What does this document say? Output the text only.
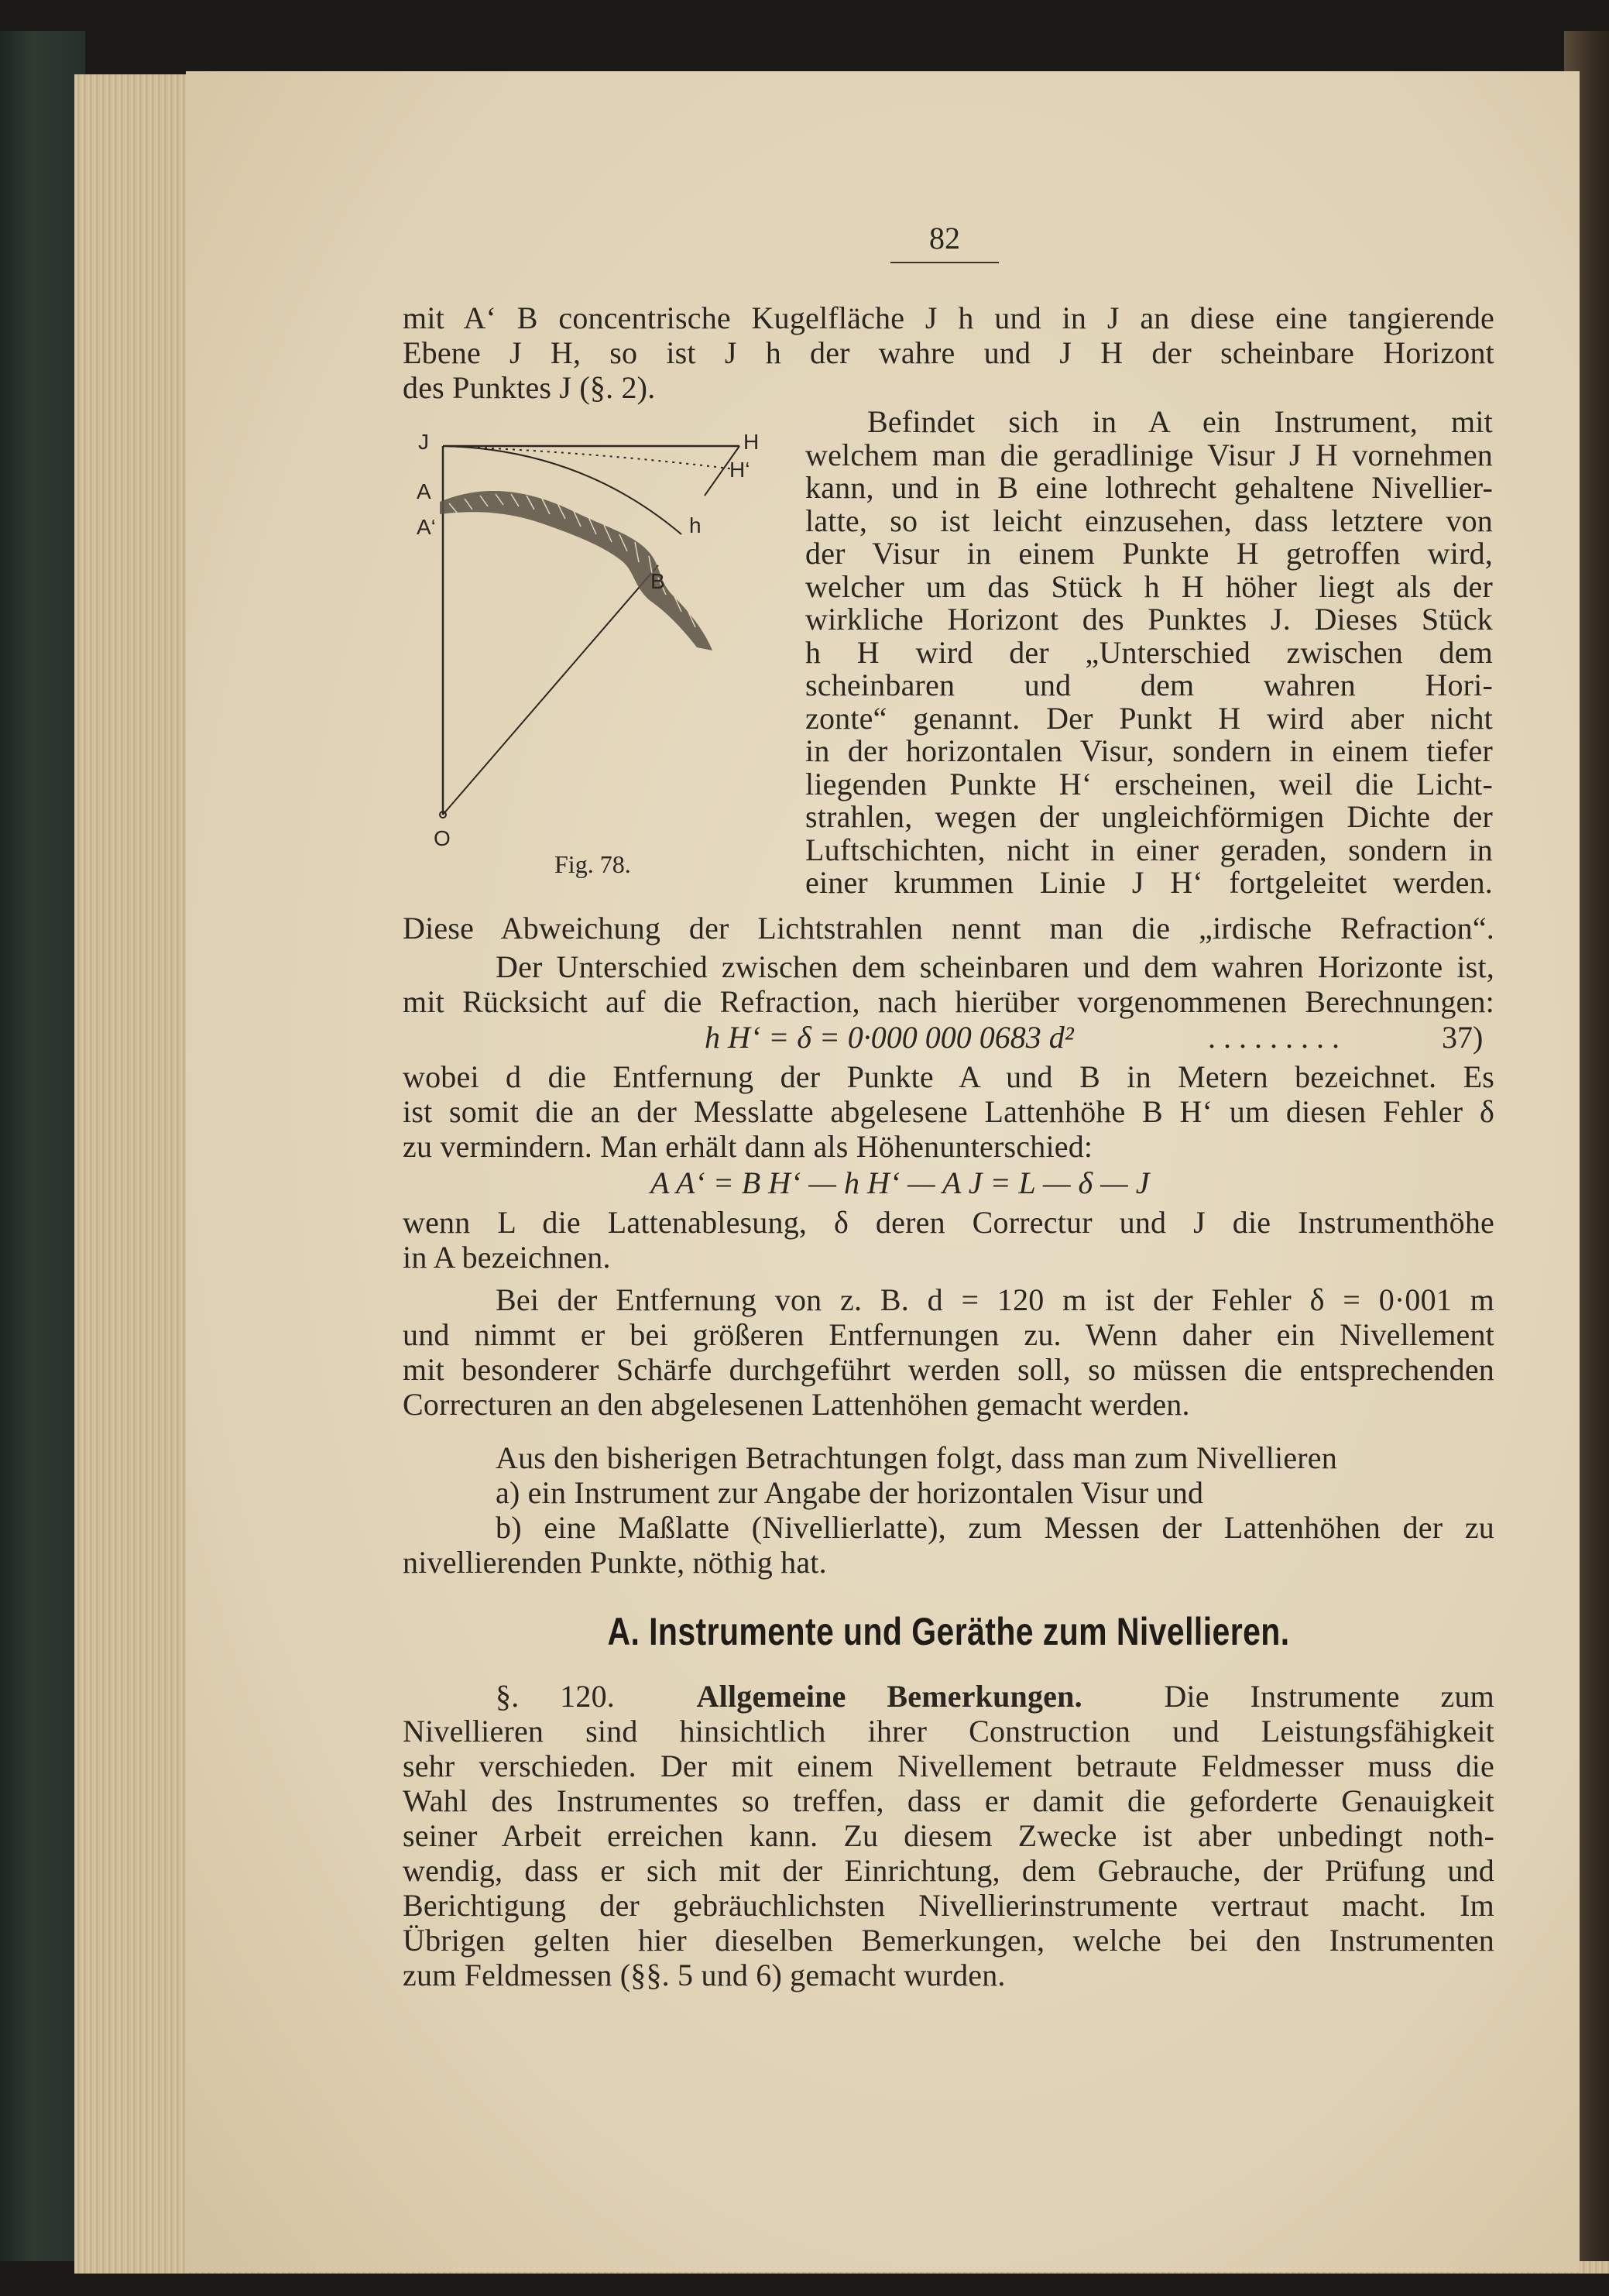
82
mit A‘ B concentrische Kugelfläche J h und in J an diese eine tangierende
Ebene J H, so ist J h der wahre und J H der scheinbare Horizont
des Punktes J (§. 2).
J
A
A‘
H
H‘
h
B
O
Fig. 78.
Befindet sich in A ein Instrument, mit
welchem man die geradlinige Visur J H vornehmen
kann, und in B eine lothrecht gehaltene Nivellier-
latte, so ist leicht einzusehen, dass letztere von
der Visur in einem Punkte H getroffen wird,
welcher um das Stück h H höher liegt als der
wirkliche Horizont des Punktes J. Dieses Stück
h H wird der „Unterschied zwischen dem
scheinbaren und dem wahren Hori-
zonte“ genannt. Der Punkt H wird aber nicht
in der horizontalen Visur, sondern in einem tiefer
liegenden Punkte H‘ erscheinen, weil die Licht-
strahlen, wegen der ungleichförmigen Dichte der
Luftschichten, nicht in einer geraden, sondern in
einer krummen Linie J H‘ fortgeleitet werden.
Diese Abweichung der Lichtstrahlen nennt man die „irdische Refraction“.
Der Unterschied zwischen dem scheinbaren und dem wahren Horizonte ist,
mit Rücksicht auf die Refraction, nach hierüber vorgenommenen Berechnungen:
h H‘ = δ = 0·000 000 0683 d²	. . . . . . . . .	37)
wobei d die Entfernung der Punkte A und B in Metern bezeichnet. Es
ist somit die an der Messlatte abgelesene Lattenhöhe B H‘ um diesen Fehler δ
zu vermindern. Man erhält dann als Höhenunterschied:
A A‘ = B H‘ — h H‘ — A J = L — δ — J
wenn L die Lattenablesung, δ deren Correctur und J die Instrumenthöhe
in A bezeichnen.
Bei der Entfernung von z. B. d = 120 m ist der Fehler δ = 0·001 m
und nimmt er bei größeren Entfernungen zu. Wenn daher ein Nivellement
mit besonderer Schärfe durchgeführt werden soll, so müssen die entsprechenden
Correcturen an den abgelesenen Lattenhöhen gemacht werden.
Aus den bisherigen Betrachtungen folgt, dass man zum Nivellieren
a) ein Instrument zur Angabe der horizontalen Visur und
b) eine Maßlatte (Nivellierlatte), zum Messen der Lattenhöhen der zu
nivellierenden Punkte, nöthig hat.
A. Instrumente und Geräthe zum Nivellieren.
§. 120.	Allgemeine Bemerkungen.	Die Instrumente zum
Nivellieren sind hinsichtlich ihrer Construction und Leistungsfähigkeit
sehr verschieden. Der mit einem Nivellement betraute Feldmesser muss die
Wahl des Instrumentes so treffen, dass er damit die geforderte Genauigkeit
seiner Arbeit erreichen kann. Zu diesem Zwecke ist aber unbedingt noth-
wendig, dass er sich mit der Einrichtung, dem Gebrauche, der Prüfung und
Berichtigung der gebräuchlichsten Nivellierinstrumente vertraut macht. Im
Übrigen gelten hier dieselben Bemerkungen, welche bei den Instrumenten
zum Feldmessen (§§. 5 und 6) gemacht wurden.
